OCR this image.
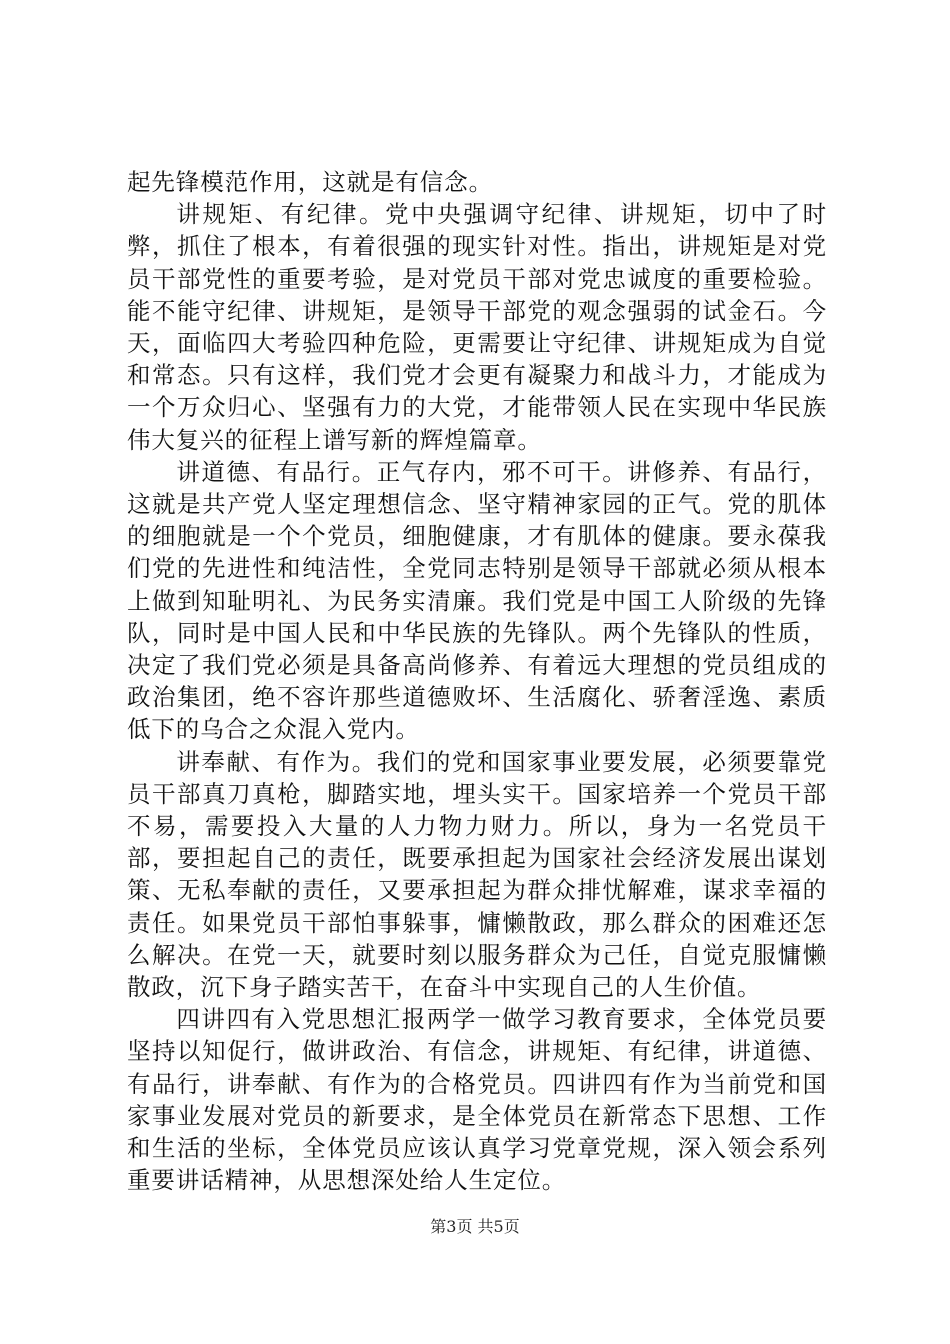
起先锋模范作用，这就是有信念。

讲规矩、有纪律。党中央强调守纪律、讲规矩，切中了时弊，抓住了根本，有着很强的现实针对性。指出，讲规矩是对党员干部党性的重要考验，是对党员干部对党忠诚度的重要检验。能不能守纪律、讲规矩，是领导干部党的观念强弱的试金石。今天，面临四大考验四种危险，更需要让守纪律、讲规矩成为自觉和常态。只有这样，我们党才会更有凝聚力和战斗力，才能成为一个万众归心、坚强有力的大党，才能带领人民在实现中华民族伟大复兴的征程上谱写新的辉煌篇章。

讲道德、有品行。正气存内，邪不可干。讲修养、有品行，这就是共产党人坚定理想信念、坚守精神家园的正气。党的肌体的细胞就是一个个党员，细胞健康，才有肌体的健康。要永葆我们党的先进性和纯洁性，全党同志特别是领导干部就必须从根本上做到知耻明礼、为民务实清廉。我们党是中国工人阶级的先锋队，同时是中国人民和中华民族的先锋队。两个先锋队的性质，决定了我们党必须是具备高尚修养、有着远大理想的党员组成的政治集团，绝不容许那些道德败坏、生活腐化、骄奢淫逸、素质低下的乌合之众混入党内。

讲奉献、有作为。我们的党和国家事业要发展，必须要靠党员干部真刀真枪，脚踏实地，埋头实干。国家培养一个党员干部不易，需要投入大量的人力物力财力。所以，身为一名党员干部，要担起自己的责任，既要承担起为国家社会经济发展出谋划策、无私奉献的责任，又要承担起为群众排忧解难，谋求幸福的责任。如果党员干部怕事躲事，慵懒散政，那么群众的困难还怎么解决。在党一天，就要时刻以服务群众为己任，自觉克服慵懒散政，沉下身子踏实苦干，在奋斗中实现自己的人生价值。

四讲四有入党思想汇报两学一做学习教育要求，全体党员要坚持以知促行，做讲政治、有信念，讲规矩、有纪律，讲道德、有品行，讲奉献、有作为的合格党员。四讲四有作为当前党和国家事业发展对党员的新要求，是全体党员在新常态下思想、工作和生活的坐标，全体党员应该认真学习党章党规，深入领会系列重要讲话精神，从思想深处给人生定位。

第3页 共5页
